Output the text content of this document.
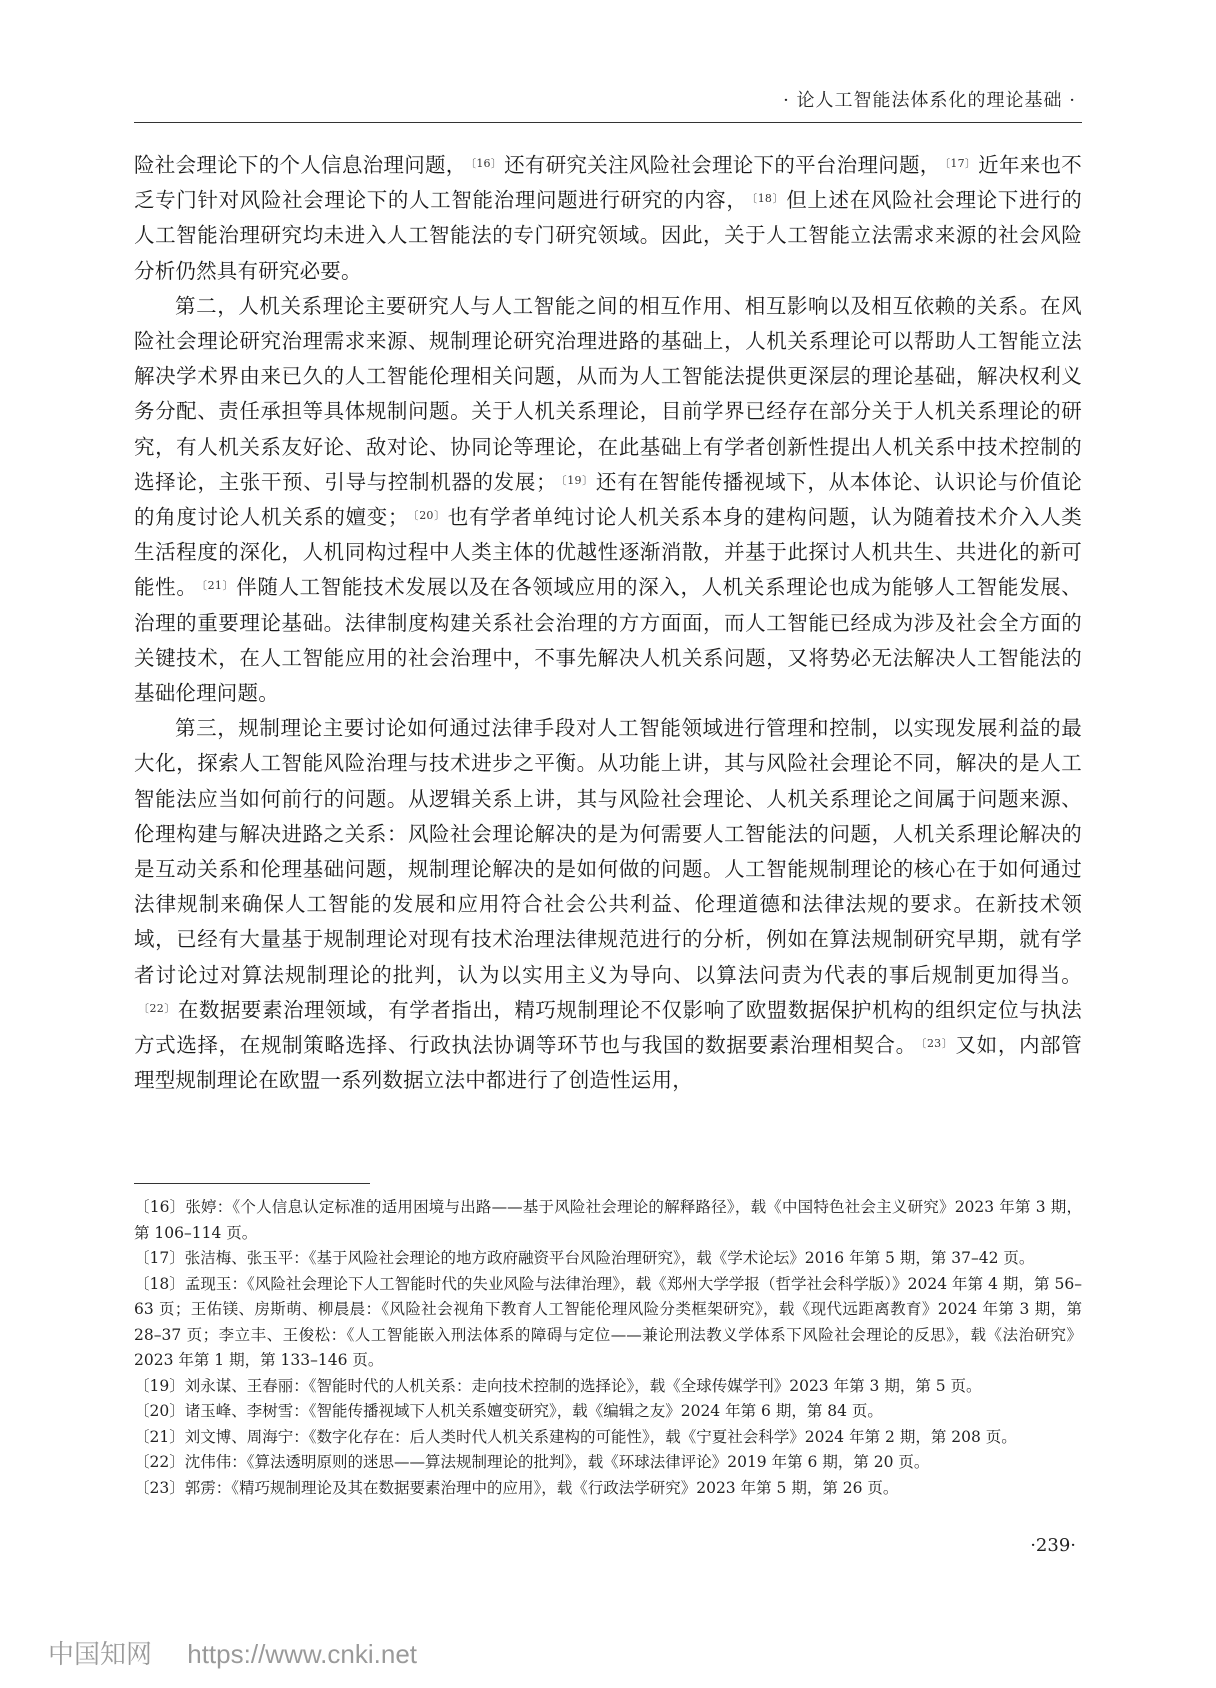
· 论人工智能法体系化的理论基础 ·

险社会理论下的个人信息治理问题， $^{〔16〕}$还有研究关注风险社会理论下的平台治理问题， $^{〔17〕}$近年来也不乏专门针对风险社会理论下的人工智能治理问题进行研究的内容， $^{〔18〕}$但上述在风险社会理论下进行的人工智能治理研究均未进入人工智能法的专门研究领域。因此，关于人工智能立法需求来源的社会风险分析仍然具有研究必要。

第二，人机关系理论主要研究人与人工智能之间的相互作用、相互影响以及相互依赖的关系。在风险社会理论研究治理需求来源、规制理论研究治理进路的基础上，人机关系理论可以帮助人工智能立法解决学术界由来已久的人工智能伦理相关问题，从而为人工智能法提供更深层的理论基础，解决权利义务分配、责任承担等具体规制问题。关于人机关系理论，目前学界已经存在部分关于人机关系理论的研究，有人机关系友好论、敌对论、协同论等理论，在此基础上有学者创新性提出人机关系中技术控制的选择论，主张干预、引导与控制机器的发展； $^{〔19〕}$还有在智能传播视域下，从本体论、认识论与价值论的角度讨论人机关系的嬗变； $^{〔20〕}$也有学者单纯讨论人机关系本身的建构问题，认为随着技术介入人类生活程度的深化，人机同构过程中人类主体的优越性逐渐消散，并基于此探讨人机共生、共进化的新可能性。 $^{〔21〕}$伴随人工智能技术发展以及在各领域应用的深入，人机关系理论也成为能够人工智能发展、治理的重要理论基础。法律制度构建关系社会治理的方方面面，而人工智能已经成为涉及社会全方面的关键技术，在人工智能应用的社会治理中，不事先解决人机关系问题，又将势必无法解决人工智能法的基础伦理问题。

第三，规制理论主要讨论如何通过法律手段对人工智能领域进行管理和控制，以实现发展利益的最大化，探索人工智能风险治理与技术进步之平衡。从功能上讲，其与风险社会理论不同，解决的是人工智能法应当如何前行的问题。从逻辑关系上讲，其与风险社会理论、人机关系理论之间属于问题来源、伦理构建与解决进路之关系：风险社会理论解决的是为何需要人工智能法的问题，人机关系理论解决的是互动关系和伦理基础问题，规制理论解决的是如何做的问题。人工智能规制理论的核心在于如何通过法律规制来确保人工智能的发展和应用符合社会公共利益、伦理道德和法律法规的要求。在新技术领域，已经有大量基于规制理论对现有技术治理法律规范进行的分析，例如在算法规制研究早期，就有学者讨论过对算法规制理论的批判，认为以实用主义为导向、以算法问责为代表的事后规制更加得当。$^{〔22〕}$在数据要素治理领域，有学者指出，精巧规制理论不仅影响了欧盟数据保护机构的组织定位与执法方式选择，在规制策略选择、行政执法协调等环节也与我国的数据要素治理相契合。 $^{〔23〕}$又如，内部管理型规制理论在欧盟一系列数据立法中都进行了创造性运用，

〔16〕张婷：《个人信息认定标准的适用困境与出路——基于风险社会理论的解释路径》，载《中国特色社会主义研究》2023 年第 3 期，第 106–114 页。

〔17〕张洁梅、张玉平：《基于风险社会理论的地方政府融资平台风险治理研究》，载《学术论坛》2016 年第 5 期，第 37–42 页。

〔18〕孟现玉：《风险社会理论下人工智能时代的失业风险与法律治理》，载《郑州大学学报（哲学社会科学版）》2024 年第 4 期，第 56–63 页；王佑镁、房斯萌、柳晨晨：《风险社会视角下教育人工智能伦理风险分类框架研究》，载《现代远距离教育》2024 年第 3 期，第 28–37 页；李立丰、王俊松：《人工智能嵌入刑法体系的障碍与定位——兼论刑法教义学体系下风险社会理论的反思》，载《法治研究》2023 年第 1 期，第 133–146 页。

〔19〕刘永谋、王春丽：《智能时代的人机关系：走向技术控制的选择论》，载《全球传媒学刊》2023 年第 3 期，第 5 页。

〔20〕诸玉峰、李树雪：《智能传播视域下人机关系嬗变研究》，载《编辑之友》2024 年第 6 期，第 84 页。

〔21〕刘文博、周海宁：《数字化存在：后人类时代人机关系建构的可能性》，载《宁夏社会科学》2024 年第 2 期，第 208 页。

〔22〕沈伟伟：《算法透明原则的迷思——算法规制理论的批判》，载《环球法律评论》2019 年第 6 期，第 20 页。

〔23〕郭雳：《精巧规制理论及其在数据要素治理中的应用》，载《行政法学研究》2023 年第 5 期，第 26 页。

·239·
中国知网 https://www.cnki.net
